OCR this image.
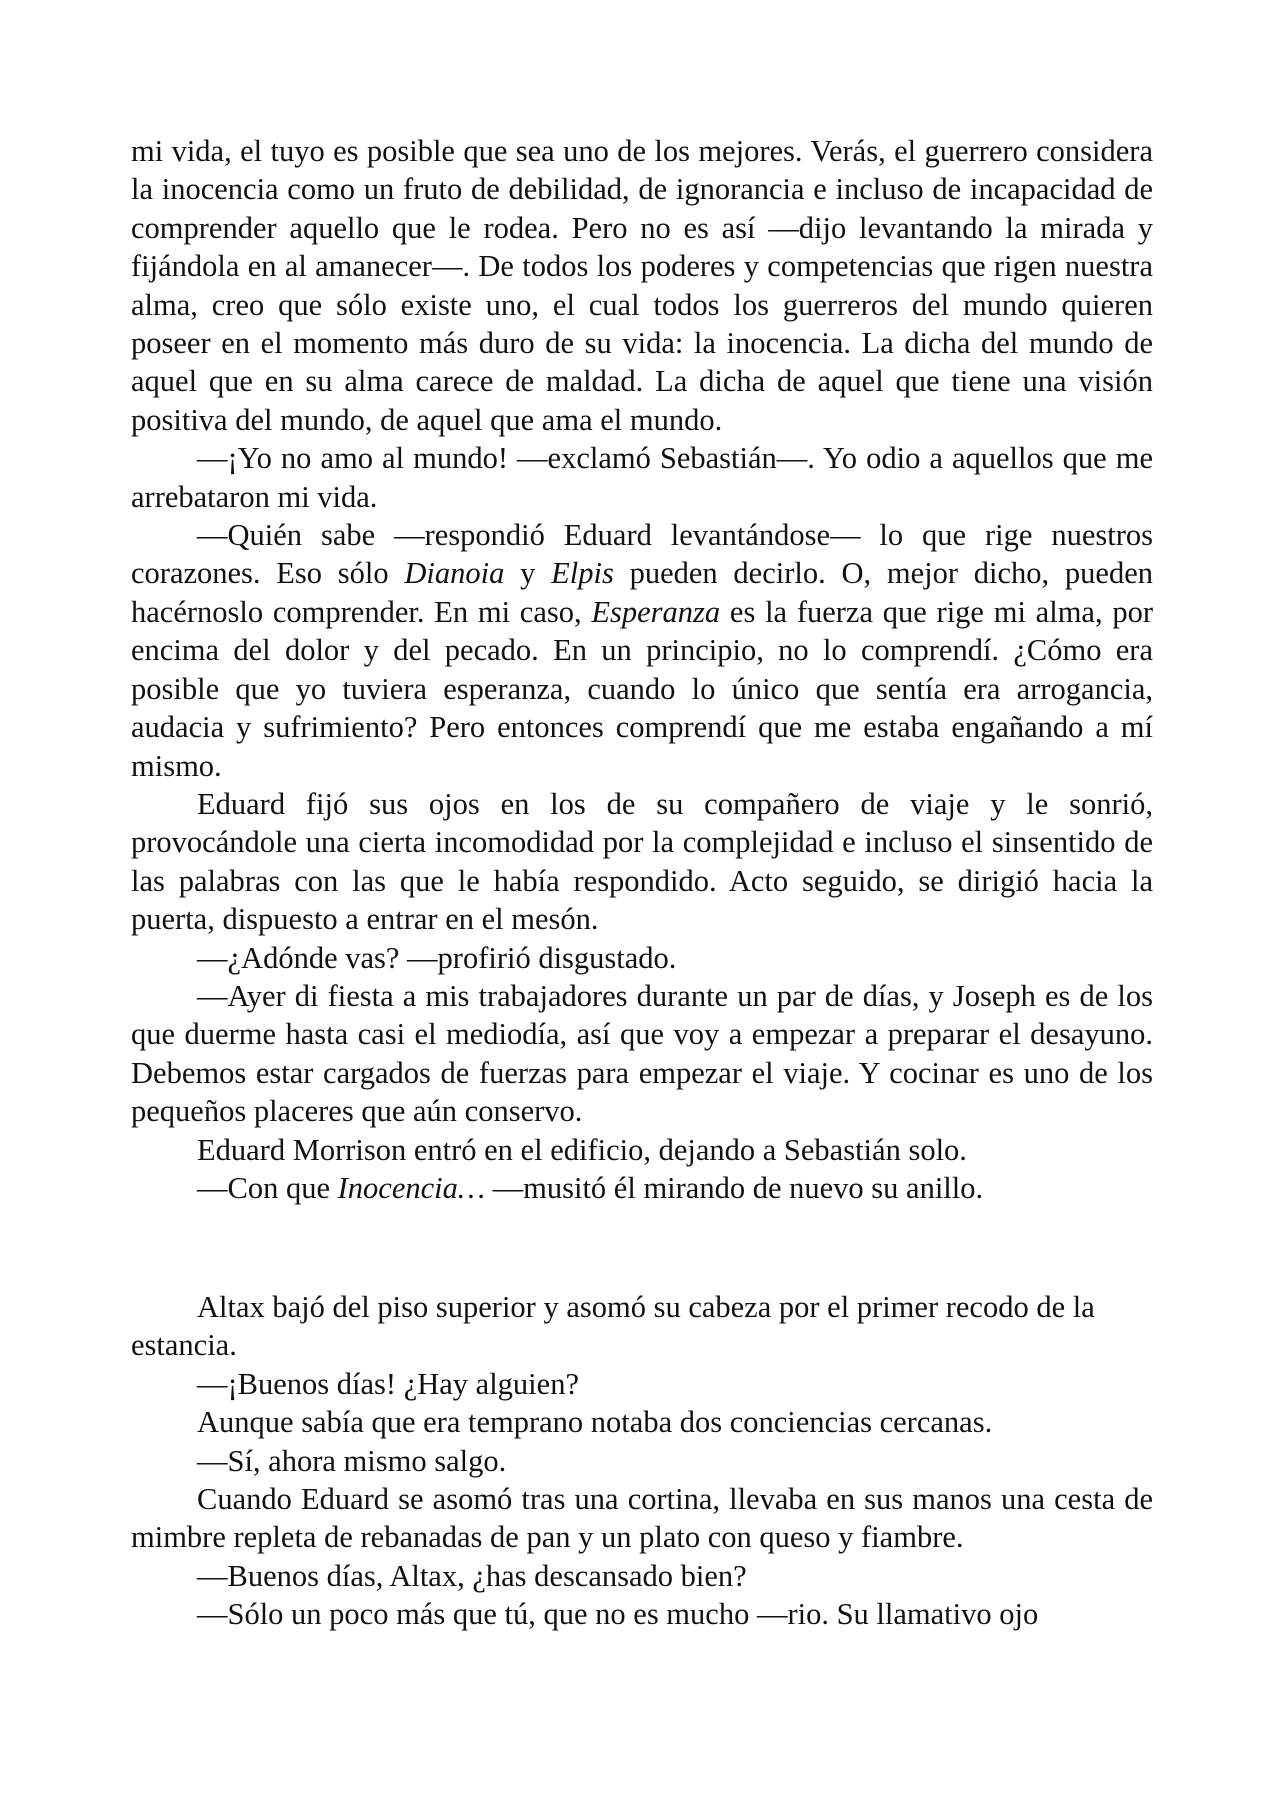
mi vida, el tuyo es posible que sea uno de los mejores. Verás, el guerrero considera la inocencia como un fruto de debilidad, de ignorancia e incluso de incapacidad de comprender aquello que le rodea. Pero no es así —dijo levantando la mirada y fijándola en al amanecer—. De todos los poderes y competencias que rigen nuestra alma, creo que sólo existe uno, el cual todos los guerreros del mundo quieren poseer en el momento más duro de su vida: la inocencia. La dicha del mundo de aquel que en su alma carece de maldad. La dicha de aquel que tiene una visión positiva del mundo, de aquel que ama el mundo.

—¡Yo no amo al mundo! —exclamó Sebastián—. Yo odio a aquellos que me arrebataron mi vida.

—Quién sabe —respondió Eduard levantándose— lo que rige nuestros corazones. Eso sólo Dianoia y Elpis pueden decirlo. O, mejor dicho, pueden hacérnoslo comprender. En mi caso, Esperanza es la fuerza que rige mi alma, por encima del dolor y del pecado. En un principio, no lo comprendí. ¿Cómo era posible que yo tuviera esperanza, cuando lo único que sentía era arrogancia, audacia y sufrimiento? Pero entonces comprendí que me estaba engañando a mí mismo.

Eduard fijó sus ojos en los de su compañero de viaje y le sonrió, provocándole una cierta incomodidad por la complejidad e incluso el sinsentido de las palabras con las que le había respondido. Acto seguido, se dirigió hacia la puerta, dispuesto a entrar en el mesón.

—¿Adónde vas? —profirió disgustado.

—Ayer di fiesta a mis trabajadores durante un par de días, y Joseph es de los que duerme hasta casi el mediodía, así que voy a empezar a preparar el desayuno. Debemos estar cargados de fuerzas para empezar el viaje. Y cocinar es uno de los pequeños placeres que aún conservo.

Eduard Morrison entró en el edificio, dejando a Sebastián solo.

—Con que Inocencia… —musitó él mirando de nuevo su anillo.

Altax bajó del piso superior y asomó su cabeza por el primer recodo de la estancia.

—¡Buenos días! ¿Hay alguien?

Aunque sabía que era temprano notaba dos conciencias cercanas.

—Sí, ahora mismo salgo.

Cuando Eduard se asomó tras una cortina, llevaba en sus manos una cesta de mimbre repleta de rebanadas de pan y un plato con queso y fiambre.

—Buenos días, Altax, ¿has descansado bien?

—Sólo un poco más que tú, que no es mucho —rio. Su llamativo ojo
